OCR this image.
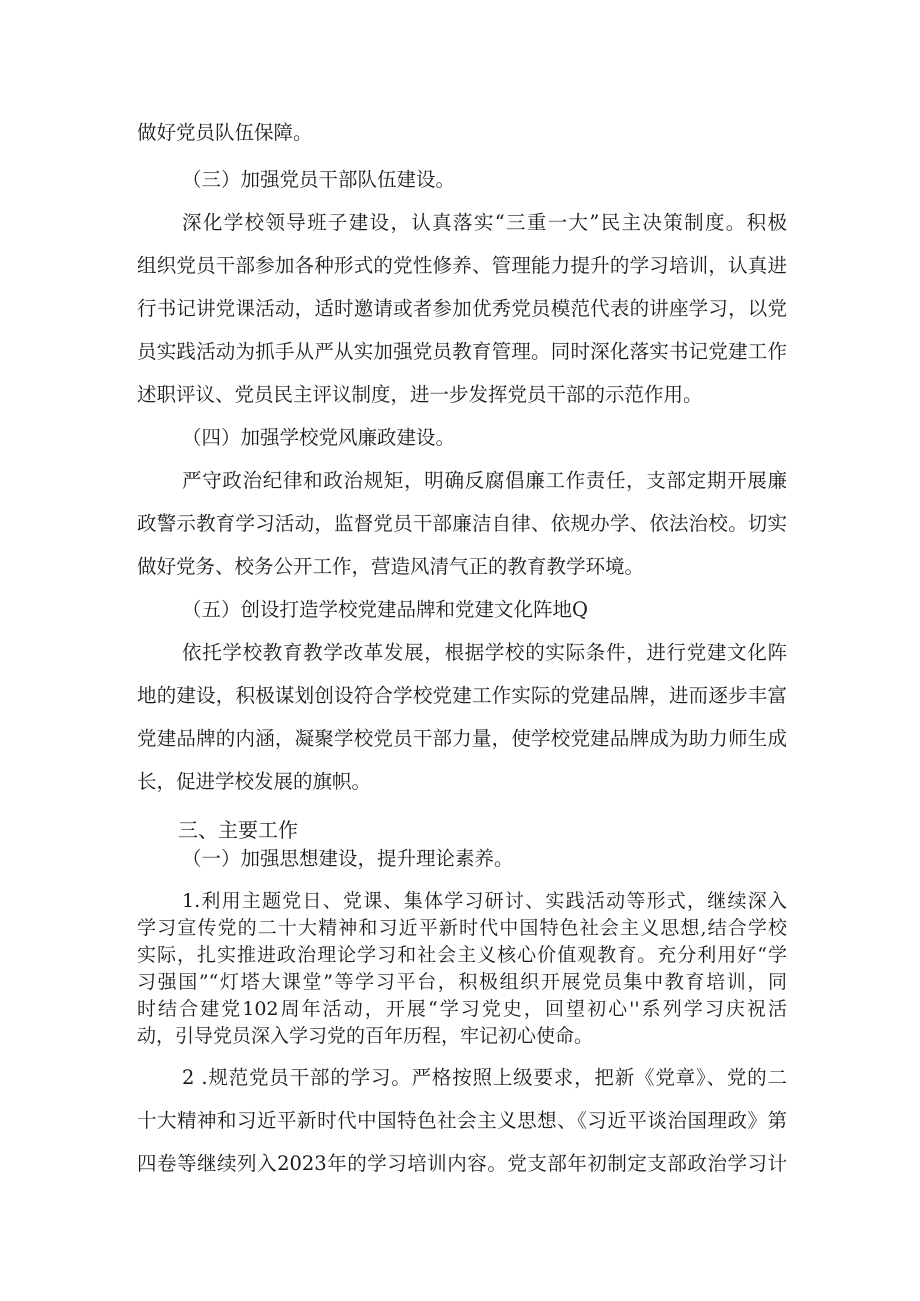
做好党员队伍保障。
（三）加强党员干部队伍建设。
深化学校领导班子建设，认真落实“三重一大”民主决策制度。积极
组织党员干部参加各种形式的党性修养、管理能力提升的学习培训，认真进
行书记讲党课活动，适时邀请或者参加优秀党员模范代表的讲座学习，以党
员实践活动为抓手从严从实加强党员教育管理。同时深化落实书记党建工作
述职评议、党员民主评议制度，进一步发挥党员干部的示范作用。
（四）加强学校党风廉政建设。
严守政治纪律和政治规矩，明确反腐倡廉工作责任，支部定期开展廉
政警示教育学习活动，监督党员干部廉洁自律、依规办学、依法治校。切实
做好党务、校务公开工作，营造风清气正的教育教学环境。
（五）创设打造学校党建品牌和党建文化阵地Q
依托学校教育教学改革发展，根据学校的实际条件，进行党建文化阵
地的建设，积极谋划创设符合学校党建工作实际的党建品牌，进而逐步丰富
党建品牌的内涵，凝聚学校党员干部力量，使学校党建品牌成为助力师生成
长，促进学校发展的旗帜。
三、主要工作
（一）加强思想建设，提升理论素养。
1.利用主题党日、党课、集体学习研讨、实践活动等形式，继续深入
学习宣传党的二十大精神和习近平新时代中国特色社会主义思想,结合学校
实际，扎实推进政治理论学习和社会主义核心价值观教育。充分利用好“学
习强国”“灯塔大课堂”等学习平台，积极组织开展党员集中教育培训，同
时结合建党102周年活动，开展“学习党史，回望初心''系列学习庆祝活
动，引导党员深入学习党的百年历程，牢记初心使命。
2 .规范党员干部的学习。严格按照上级要求，把新《党章》、党的二
十大精神和习近平新时代中国特色社会主义思想、《习近平谈治国理政》第
四卷等继续列入2023年的学习培训内容。党支部年初制定支部政治学习计
